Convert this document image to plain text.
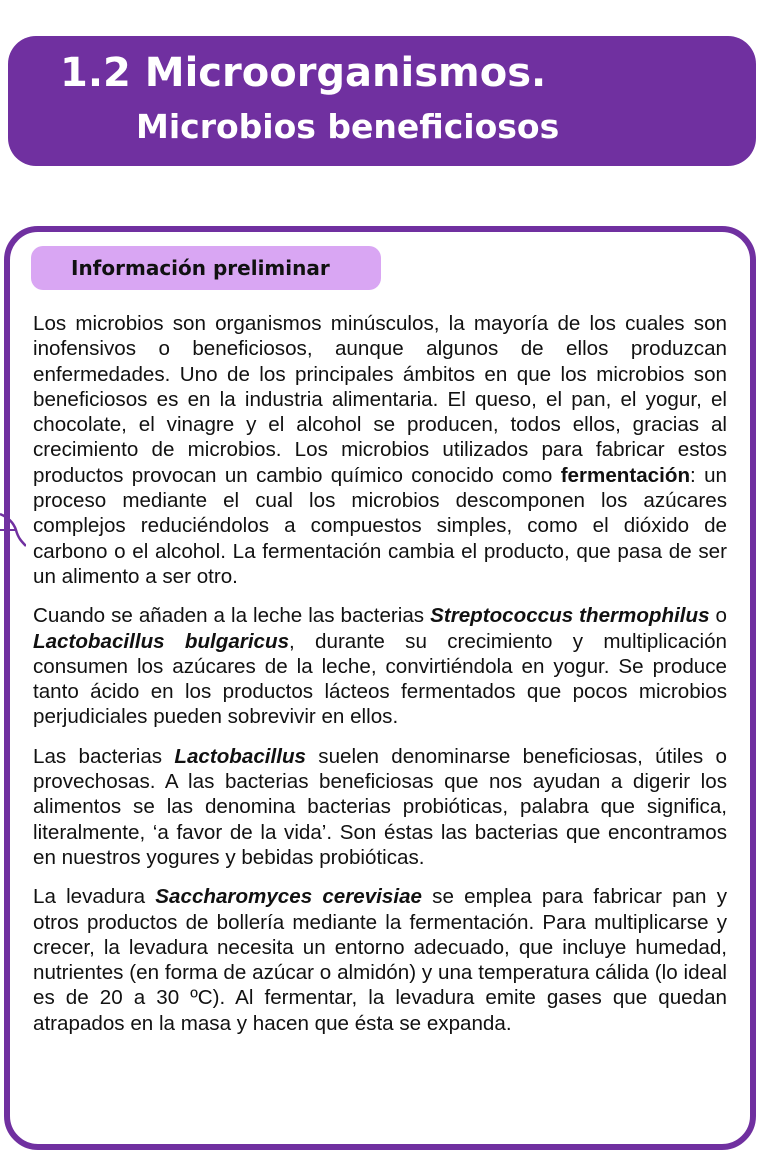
1.2 Microorganismos.
Microbios beneficiosos
Información preliminar

Los microbios son organismos minúsculos, la mayoría de los cuales son inofensivos o beneficiosos, aunque algunos de ellos produzcan enfermedades. Uno de los principales ámbitos en que los microbios son beneficiosos es en la industria alimentaria. El queso, el pan, el yogur, el chocolate, el vinagre y el alcohol se producen, todos ellos, gracias al crecimiento de microbios. Los microbios utilizados para fabricar estos productos provocan un cambio químico conocido como fermentación: un proceso mediante el cual los microbios descomponen los azúcares complejos reduciéndolos a compuestos simples, como el dióxido de carbono o el alcohol. La fermentación cambia el producto, que pasa de ser un alimento a ser otro.

Cuando se añaden a la leche las bacterias Streptococcus thermophilus o Lactobacillus bulgaricus, durante su crecimiento y multiplicación consumen los azúcares de la leche, convirtiéndola en yogur. Se produce tanto ácido en los productos lácteos fermentados que pocos microbios perjudiciales pueden sobrevivir en ellos.

Las bacterias Lactobacillus suelen denominarse beneficiosas, útiles o provechosas. A las bacterias beneficiosas que nos ayudan a digerir los alimentos se las denomina bacterias probióticas, palabra que significa, literalmente, ‘a favor de la vida’. Son éstas las bacterias que encontramos en nuestros yogures y bebidas probióticas.

La levadura Saccharomyces cerevisiae se emplea para fabricar pan y otros productos de bollería mediante la fermentación. Para multiplicarse y crecer, la levadura necesita un entorno adecuado, que incluye humedad, nutrientes (en forma de azúcar o almidón) y una temperatura cálida (lo ideal es de 20 a 30 ºC). Al fermentar, la levadura emite gases que quedan atrapados en la masa y hacen que ésta se expanda.
